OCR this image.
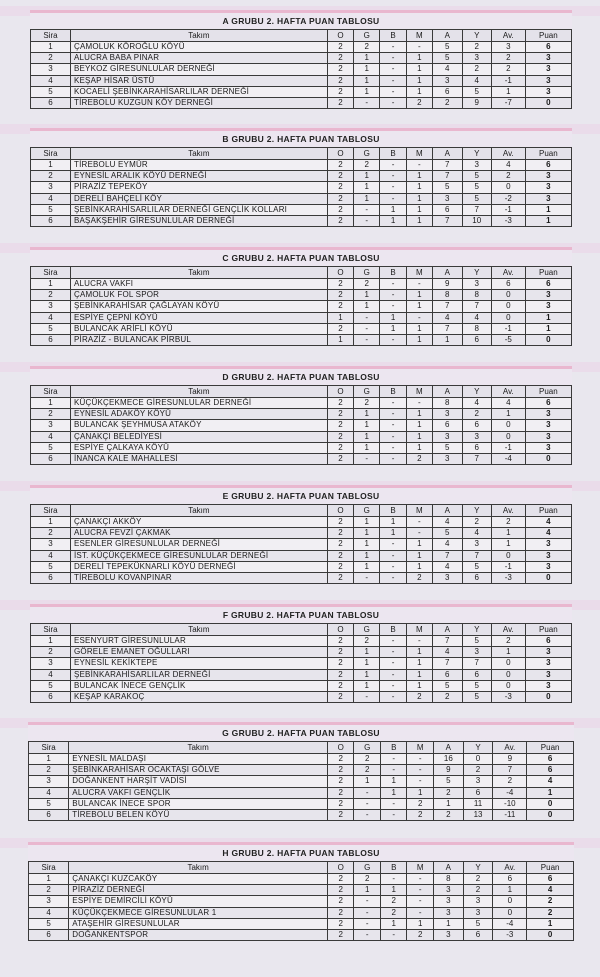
A GRUBU 2. HAFTA PUAN TABLOSU
Sira	Takım	O	G	B	M	A	Y	Av.	Puan
1	ÇAMOLUK KÖROĞLU KÖYÜ	2	2	-	-	5	2	3	6
2	ALUCRA BABA PINAR	2	1	-	1	5	3	2	3
3	BEYKOZ GİRESUNLULAR DERNEĞİ	2	1	-	1	4	2	2	3
4	KEŞAP HİSAR ÜSTÜ	2	1	-	1	3	4	-1	3
5	KOCAELİ ŞEBİNKARAHİSARLILAR DERNEĞİ	2	1	-	1	6	5	1	3
6	TİREBOLU KUZGUN KÖY DERNEĞİ	2	-	-	2	2	9	-7	0
B GRUBU 2. HAFTA PUAN TABLOSU
Sira	Takım	O	G	B	M	A	Y	Av.	Puan
1	TİREBOLU EYMÜR	2	2	-	-	7	3	4	6
2	EYNESİL ARALIK KÖYÜ DERNEĞİ	2	1	-	1	7	5	2	3
3	PİRAZİZ TEPEKÖY	2	1	-	1	5	5	0	3
4	DERELİ BAHÇELİ KÖY	2	1	-	1	3	5	-2	3
5	ŞEBİNKARAHİSARLILAR DERNEĞİ GENÇLİK KOLLARI	2	-	1	1	6	7	-1	1
6	BAŞAKŞEHİR GİRESUNLULAR DERNEĞİ	2	-	1	1	7	10	-3	1
C GRUBU 2. HAFTA PUAN TABLOSU
Sira	Takım	O	G	B	M	A	Y	Av.	Puan
1	ALUCRA VAKFI	2	2	-	-	9	3	6	6
2	ÇAMOLUK FOL SPOR	2	1	-	1	8	8	0	3
3	ŞEBİNKARAHİSAR ÇAĞLAYAN KÖYÜ	2	1	-	1	7	7	0	3
4	ESPİYE ÇEPNİ KÖYÜ	1	-	1	-	4	4	0	1
5	BULANCAK ARİFLİ KÖYÜ	2	-	1	1	7	8	-1	1
6	PİRAZİZ - BULANCAK PİRBUL	1	-	-	1	1	6	-5	0
D GRUBU 2. HAFTA PUAN TABLOSU
Sira	Takım	O	G	B	M	A	Y	Av.	Puan
1	KÜÇÜKÇEKMECE GİRESUNLULAR DERNEĞİ	2	2	-	-	8	4	4	6
2	EYNESİL ADAKÖY KÖYÜ	2	1	-	1	3	2	1	3
3	BULANCAK ŞEYHMUSA ATAKÖY	2	1	-	1	6	6	0	3
4	ÇANAKÇI BELEDİYESİ	2	1	-	1	3	3	0	3
5	ESPİYE ÇALKAYA KÖYÜ	2	1	-	1	5	6	-1	3
6	İNANCA KALE MAHALLESİ	2	-	-	2	3	7	-4	0
E GRUBU 2. HAFTA PUAN TABLOSU
Sira	Takım	O	G	B	M	A	Y	Av.	Puan
1	ÇANAKÇI AKKÖY	2	1	1	-	4	2	2	4
2	ALUCRA FEVZİ ÇAKMAK	2	1	1	-	5	4	1	4
3	ESENLER GİRESUNLULAR DERNEĞİ	2	1	-	1	4	3	1	3
4	İST. KÜÇÜKÇEKMECE GİRESUNLULAR DERNEĞİ	2	1	-	1	7	7	0	3
5	DERELİ TEPEKÜKNARLI KÖYÜ DERNEĞİ	2	1	-	1	4	5	-1	3
6	TİREBOLU KOVANPINAR	2	-	-	2	3	6	-3	0
F GRUBU 2. HAFTA PUAN TABLOSU
Sira	Takım	O	G	B	M	A	Y	Av.	Puan
1	ESENYURT GİRESUNLULAR	2	2	-	-	7	5	2	6
2	GÖRELE EMANET OĞULLARI	2	1	-	1	4	3	1	3
3	EYNESİL KEKİKTEPE	2	1	-	1	7	7	0	3
4	ŞEBİNKARAHİSARLILAR DERNEĞİ	2	1	-	1	6	6	0	3
5	BULANCAK İNECE GENÇLİK	2	1	-	1	5	5	0	3
6	KEŞAP KARAKOÇ	2	-	-	2	2	5	-3	0
G GRUBU 2. HAFTA PUAN TABLOSU
Sira	Takım	O	G	B	M	A	Y	Av.	Puan
1	EYNESİL MALDAŞI	2	2	-	-	16	0	9	6
2	ŞEBİNKARAHİSAR OCAKTAŞI GÖLVE	2	2	-	-	9	2	7	6
3	DOĞANKENT HARŞİT VADİSİ	2	1	1	-	5	3	2	4
4	ALUCRA VAKFI GENÇLİK	2	-	1	1	2	6	-4	1
5	BULANCAK İNECE SPOR	2	-	-	2	1	11	-10	0
6	TİREBOLU BELEN KÖYÜ	2	-	-	2	2	13	-11	0
H GRUBU 2. HAFTA PUAN TABLOSU
Sira	Takım	O	G	B	M	A	Y	Av.	Puan
1	ÇANAKÇI KUZCAKÖY	2	2	-	-	8	2	6	6
2	PİRAZİZ DERNEĞİ	2	1	1	-	3	2	1	4
3	ESPİYE DEMİRCİLİ KÖYÜ	2	-	2	-	3	3	0	2
4	KÜÇÜKÇEKMECE GİRESUNLULAR 1	2	-	2	-	3	3	0	2
5	ATAŞEHİR GİRESUNLULAR	2	-	1	1	1	5	-4	1
6	DOĞANKENTSPOR	2	-	-	2	3	6	-3	0
